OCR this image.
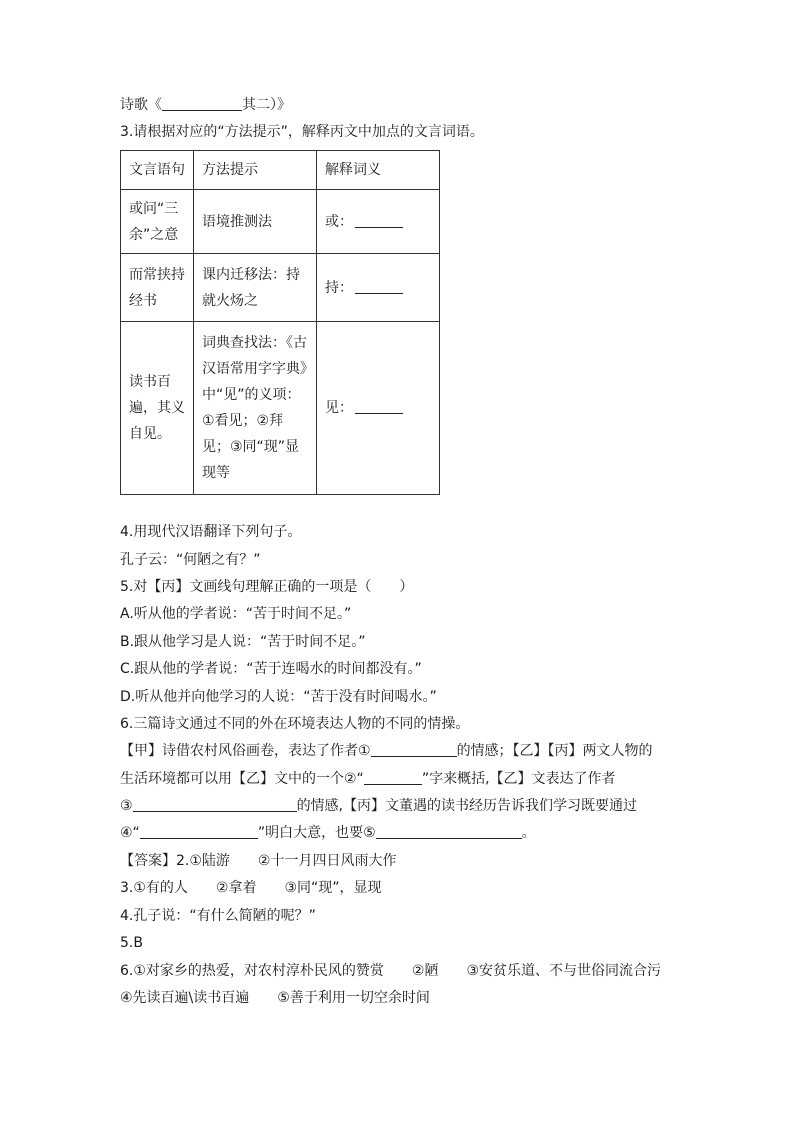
诗歌《	其二）》
3.请根据对应的“方法提示”，解释丙文中加点的文言词语。
文言语句	方法提示	解释词义
或问“三余”之意	语境推测法	或：
而常挟持经书	课内迁移法：持就火炀之	持：
读书百遍，其义自见。	词典查找法：《古汉语常用字字典》中“见”的义项：①看见；②拜见；③同“现”显现等	见：
4.用现代汉语翻译下列句子。
孔子云：“何陋之有？”
5.对【丙】文画线句理解正确的一项是（　　）
A.听从他的学者说：“苦于时间不足。”
B.跟从他学习是人说：“苦于时间不足。”
C.跟从他的学者说：“苦于连喝水的时间都没有。”
D.听从他并向他学习的人说：“苦于没有时间喝水。”
6.三篇诗文通过不同的外在环境表达人物的不同的情操。
【甲】诗借农村风俗画卷，表达了作者①	的情感；【乙】【丙】两文人物的
生活环境都可以用【乙】文中的一个②“	”字来概括,【乙】文表达了作者
③	的情感,【丙】文董遇的读书经历告诉我们学习既要通过
④“	”明白大意，也要⑤	。
【答案】2.①陆游　　②十一月四日风雨大作
3.①有的人　　②拿着　　③同“现”，显现
4.孔子说：“有什么简陋的呢？”
5.B
6.①对家乡的热爱，对农村淳朴民风的赞赏　　②陋　　③安贫乐道、不与世俗同流合污
④先读百遍\读书百遍　　⑤善于利用一切空余时间
